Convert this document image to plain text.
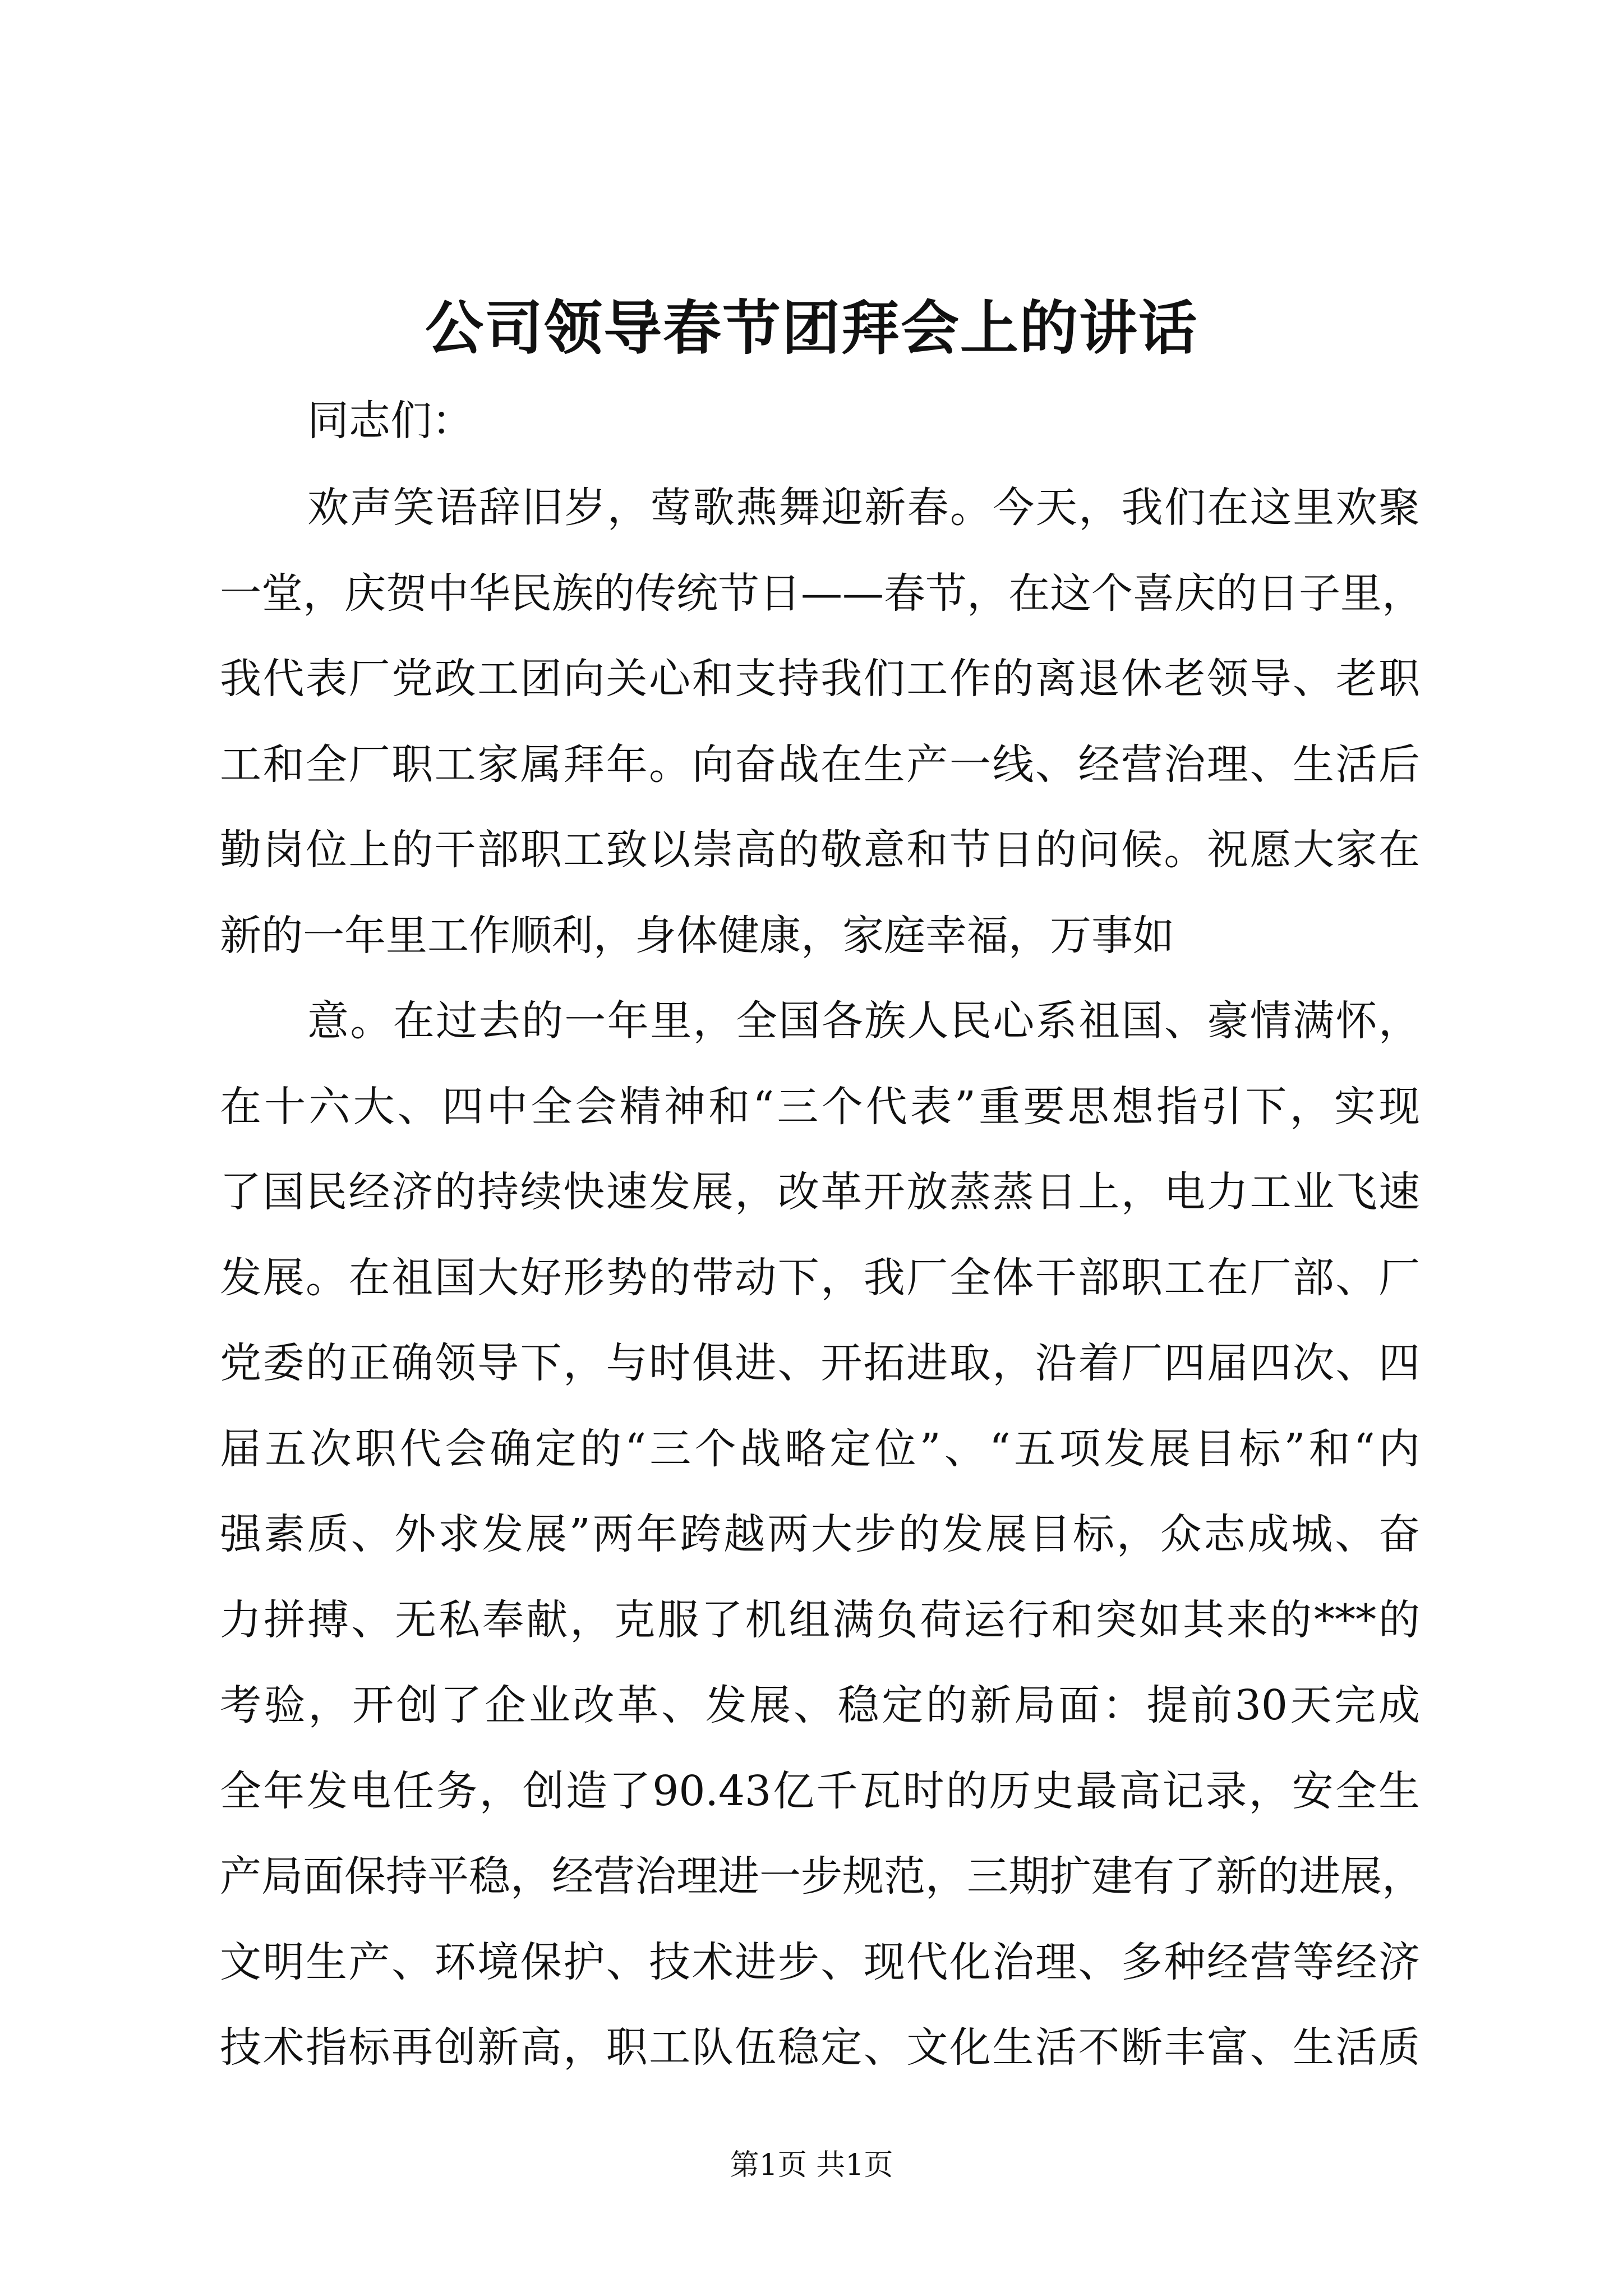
公司领导春节团拜会上的讲话
同志们：
欢声笑语辞旧岁，莺歌燕舞迎新春。今天，我们在这里欢聚
一堂，庆贺中华民族的传统节日——春节，在这个喜庆的日子里，
我代表厂党政工团向关心和支持我们工作的离退休老领导、老职
工和全厂职工家属拜年。向奋战在生产一线、经营治理、生活后
勤岗位上的干部职工致以崇高的敬意和节日的问候。祝愿大家在
新的一年里工作顺利，身体健康，家庭幸福，万事如
意。在过去的一年里，全国各族人民心系祖国、豪情满怀，
在十六大、四中全会精神和“三个代表”重要思想指引下，实现
了国民经济的持续快速发展，改革开放蒸蒸日上，电力工业飞速
发展。在祖国大好形势的带动下，我厂全体干部职工在厂部、厂
党委的正确领导下，与时俱进、开拓进取，沿着厂四届四次、四
届五次职代会确定的“三个战略定位”、“五项发展目标”和“内
强素质、外求发展”两年跨越两大步的发展目标，众志成城、奋
力拼搏、无私奉献，克服了机组满负荷运行和突如其来的***的
考验，开创了企业改革、发展、稳定的新局面：提前30天完成
全年发电任务，创造了90.43亿千瓦时的历史最高记录，安全生
产局面保持平稳，经营治理进一步规范，三期扩建有了新的进展，
文明生产、环境保护、技术进步、现代化治理、多种经营等经济
技术指标再创新高，职工队伍稳定、文化生活不断丰富、生活质
第1页 共1页
